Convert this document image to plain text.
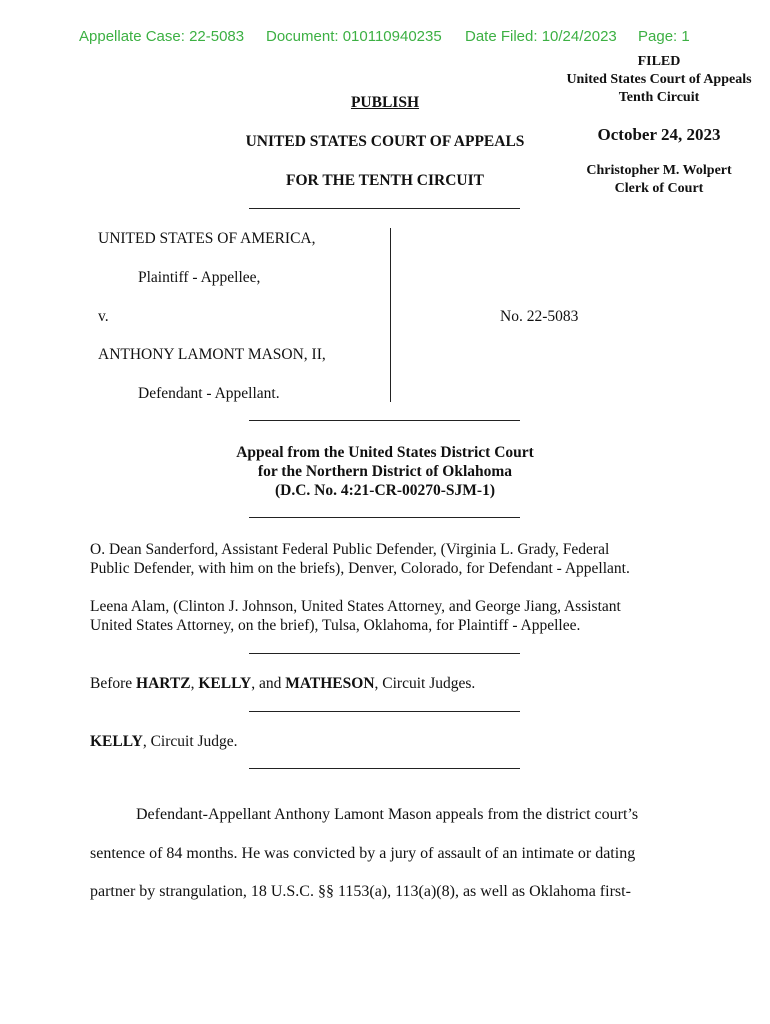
Appellate Case: 22-5083 Document: 010110940235 Date Filed: 10/24/2023 Page: 1
FILED
United States Court of Appeals
Tenth Circuit
October 24, 2023
Christopher M. Wolpert
Clerk of Court
PUBLISH
UNITED STATES COURT OF APPEALS
FOR THE TENTH CIRCUIT
UNITED STATES OF AMERICA,
Plaintiff - Appellee,
v.
ANTHONY LAMONT MASON, II,
Defendant - Appellant.
No. 22-5083
Appeal from the United States District Court
for the Northern District of Oklahoma
(D.C. No. 4:21-CR-00270-SJM-1)
O. Dean Sanderford, Assistant Federal Public Defender, (Virginia L. Grady, Federal
Public Defender, with him on the briefs), Denver, Colorado, for Defendant - Appellant.
Leena Alam, (Clinton J. Johnson, United States Attorney, and George Jiang, Assistant
United States Attorney, on the brief), Tulsa, Oklahoma, for Plaintiff - Appellee.
Before HARTZ, KELLY, and MATHESON, Circuit Judges.
KELLY, Circuit Judge.
Defendant-Appellant Anthony Lamont Mason appeals from the district court’s
sentence of 84 months. He was convicted by a jury of assault of an intimate or dating
partner by strangulation, 18 U.S.C. §§ 1153(a), 113(a)(8), as well as Oklahoma first-
